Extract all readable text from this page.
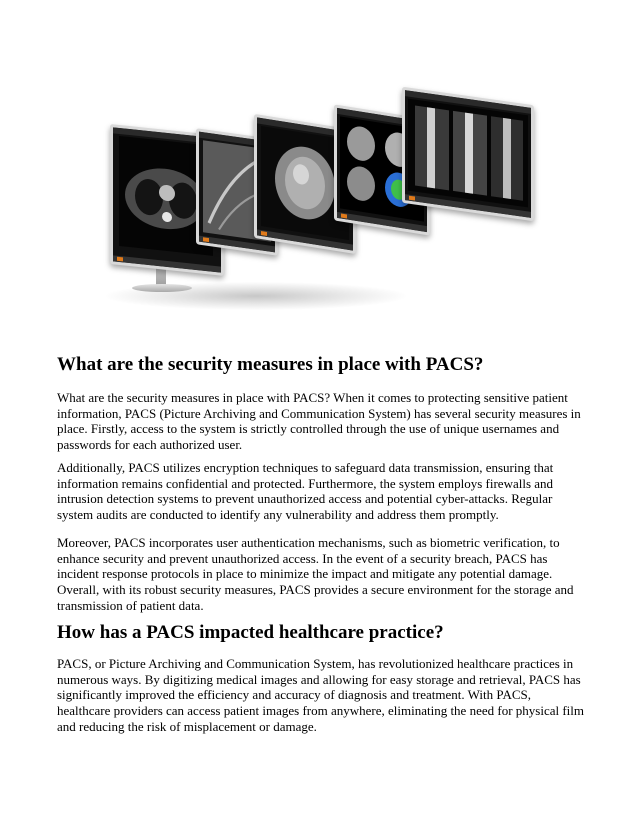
What are the security measures in place with PACS?

What are the security measures in place with PACS? When it comes to protecting sensitive patient information, PACS (Picture Archiving and Communication System) has several security measures in place. Firstly, access to the system is strictly controlled through the use of unique usernames and passwords for each authorized user.

Additionally, PACS utilizes encryption techniques to safeguard data transmission, ensuring that information remains confidential and protected. Furthermore, the system employs firewalls and intrusion detection systems to prevent unauthorized access and potential cyber-attacks. Regular system audits are conducted to identify any vulnerability and address them promptly.

Moreover, PACS incorporates user authentication mechanisms, such as biometric verification, to enhance security and prevent unauthorized access. In the event of a security breach, PACS has incident response protocols in place to minimize the impact and mitigate any potential damage. Overall, with its robust security measures, PACS provides a secure environment for the storage and transmission of patient data.

How has a PACS impacted healthcare practice?

PACS, or Picture Archiving and Communication System, has revolutionized healthcare practices in numerous ways. By digitizing medical images and allowing for easy storage and retrieval, PACS has significantly improved the efficiency and accuracy of diagnosis and treatment. With PACS, healthcare providers can access patient images from anywhere, eliminating the need for physical film and reducing the risk of misplacement or damage.
